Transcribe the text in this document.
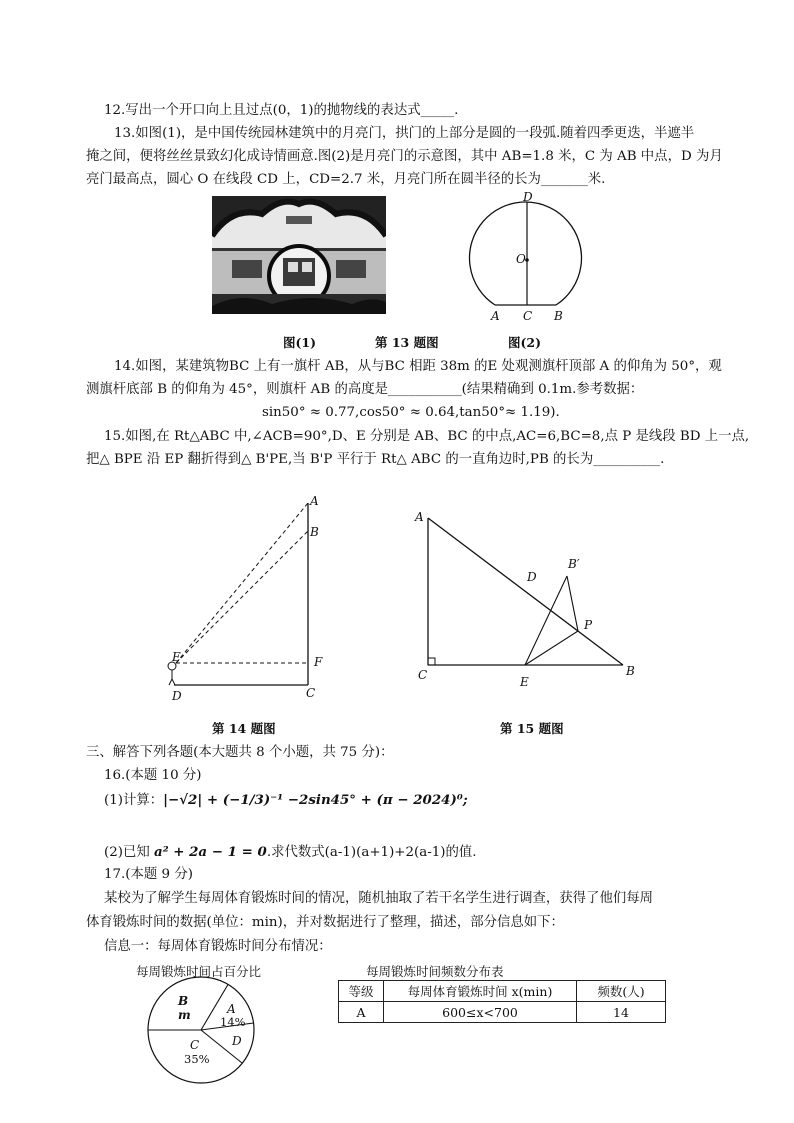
12.写出一个开口向上且过点(0，1)的抛物线的表达式_____.
13.如图(1)，是中国传统园林建筑中的月亮门，拱门的上部分是圆的一段弧.随着四季更迭，半遮半
掩之间，便将丝丝景致幻化成诗情画意.图(2)是月亮门的示意图，其中 AB=1.8 米，C 为 AB 中点，D 为月
亮门最高点，圆心 O 在线段 CD 上，CD=2.7 米，月亮门所在圆半径的长为_______米.
D
O
A C B
图(1)	第 13 题图	图(2)
14.如图，某建筑物BC 上有一旗杆 AB，从与BC 相距 38m 的E 处观测旗杆顶部 A 的仰角为 50°，观
测旗杆底部 B 的仰角为 45°，则旗杆 AB 的高度是___________(结果精确到 0.1m.参考数据：
sin50° ≈ 0.77,cos50° ≈ 0.64,tan50°≈ 1.19).
15.如图,在 Rt△ABC 中,∠ACB=90°,D、E 分别是 AB、BC 的中点,AC=6,BC=8,点 P 是线段 BD 上一点,
把△ BPE 沿 EP 翻折得到△ B'PE,当 B'P 平行于 Rt△ ABC 的一直角边时,PB 的长为__________.
A
B
E	F
D	C
第 14 题图
A
D
B′
P
C	E
B
第 15 题图
三、解答下列各题(本大题共 8 个小题，共 75 分)：
16.(本题 10 分)
(1)计算：|−√2| + (−1/3)⁻¹ −2sin45° + (π − 2024)⁰;
(2)已知 a² + 2a − 1 = 0.求代数式(a-1)(a+1)+2(a-1)的值.
17.(本题 9 分)
某校为了解学生每周体育锻炼时间的情况，随机抽取了若干名学生进行调查，获得了他们每周
体育锻炼时间的数据(单位：min)，并对数据进行了整理，描述，部分信息如下：
信息一：每周体育锻炼时间分布情况：
每周锻炼时间占百分比
B
m	A
14%
D
C
35%
每周锻炼时间频数分布表
等级	每周体育锻炼时间 x(min)	频数(人)
A	600≤x<700	14
